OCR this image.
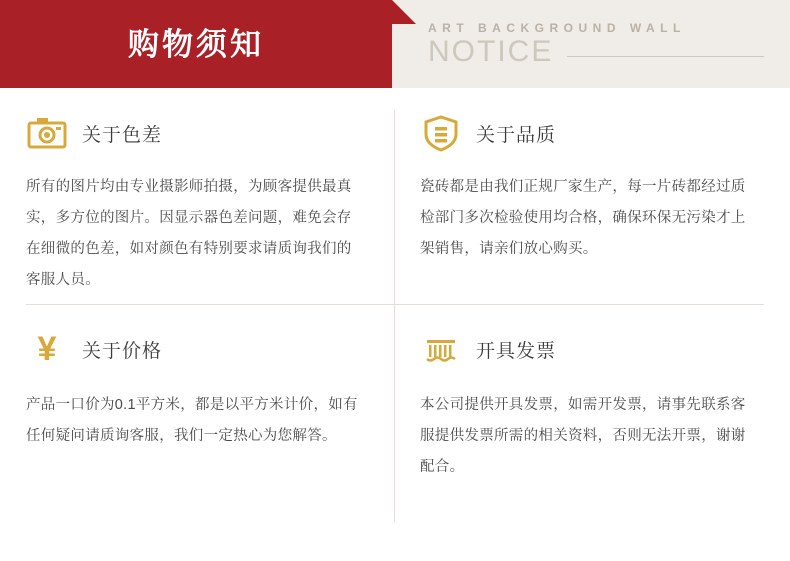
购物须知	ART BACKGROUND WALL
NOTICE
关于色差
所有的图片均由专业摄影师拍摄，为顾客提供最真实，多方位的图片。因显示器色差问题，难免会存在细微的色差，如对颜色有特别要求请质询我们的客服人员。
关于品质
瓷砖都是由我们正规厂家生产，每一片砖都经过质检部门多次检验使用均合格，确保环保无污染才上架销售，请亲们放心购买。
¥ 关于价格
产品一口价为0.1平方米，都是以平方米计价，如有任何疑问请质询客服，我们一定热心为您解答。
开具发票
本公司提供开具发票，如需开发票，请事先联系客服提供发票所需的相关资料，否则无法开票，谢谢配合。
